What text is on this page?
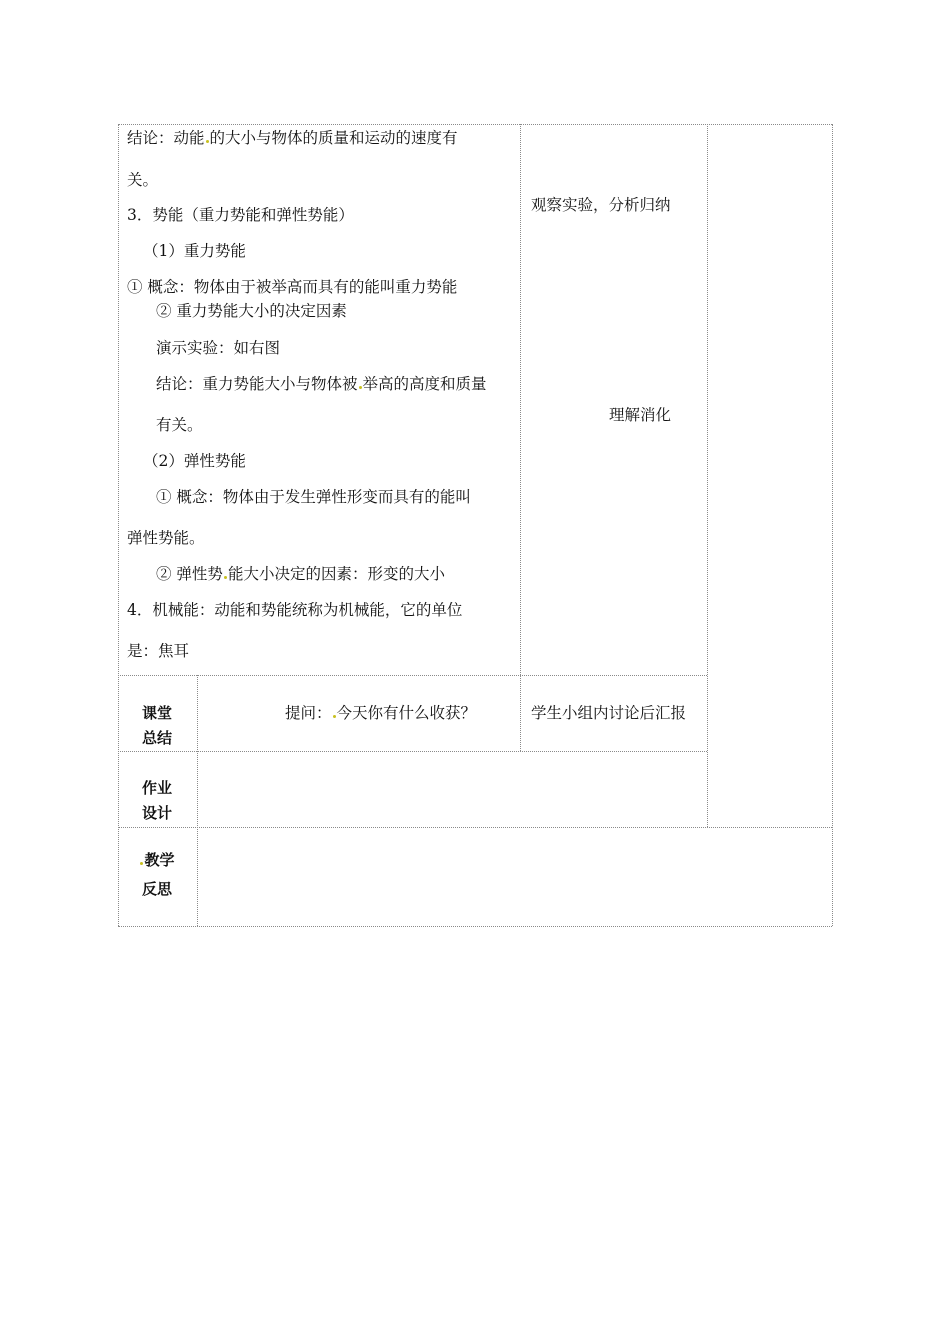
结论：动能 的大小与物体的质量和运动的速度有
关。
3．势能（重力势能和弹性势能）
（1）重力势能
① 概念：物体由于被举高而具有的能叫重力势能
② 重力势能大小的决定因素
演示实验：如右图
结论：重力势能大小与物体被 举高的高度和质量
有关。
（2）弹性势能
① 概念：物体由于发生弹性形变而具有的能叫
弹性势能。
② 弹性势 能大小决定的因素：形变的大小
4．机械能：动能和势能统称为机械能，它的单位
是：焦耳
观察实验，分析归纳
理解消化
课堂
总结
提问： 今天你有什么收获？	学生小组内讨论后汇报
作业
设计
教学
反思
